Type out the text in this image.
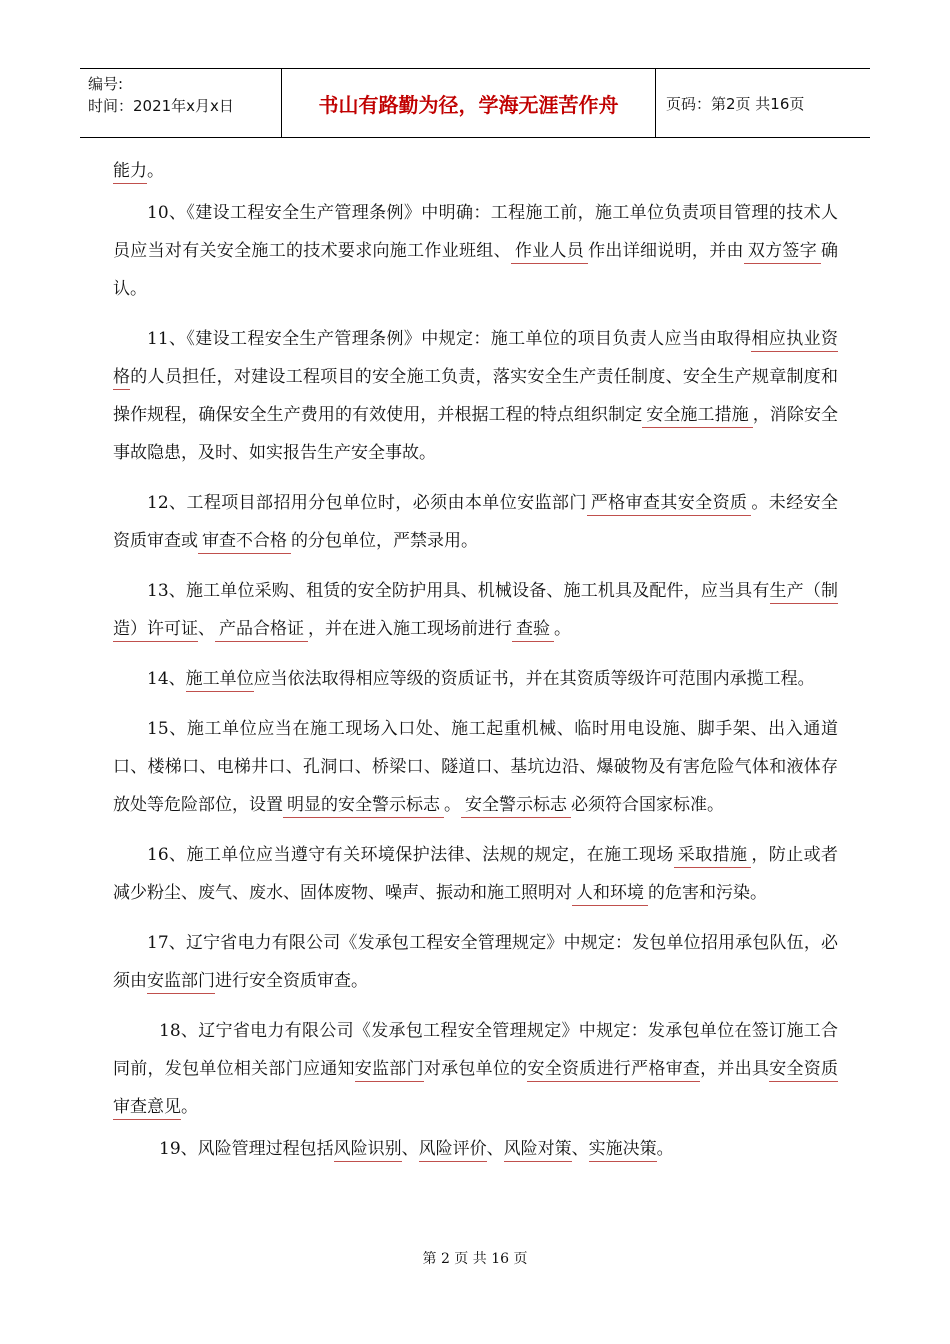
编号:
时间：2021年x月x日	书山有路勤为径，学海无涯苦作舟	页码：第2页 共16页

能力。

10、《建设工程安全生产管理条例》中明确：工程施工前，施工单位负责项目管理的技术人员应当对有关安全施工的技术要求向施工作业班组、 作业人员 作出详细说明，并由 双方签字 确认。

11、《建设工程安全生产管理条例》中规定：施工单位的项目负责人应当由取得相应执业资格的人员担任，对建设工程项目的安全施工负责，落实安全生产责任制度、安全生产规章制度和操作规程，确保安全生产费用的有效使用，并根据工程的特点组织制定 安全施工措施 ，消除安全事故隐患，及时、如实报告生产安全事故。

12、工程项目部招用分包单位时，必须由本单位安监部门 严格审查其安全资质 。未经安全资质审查或 审查不合格 的分包单位，严禁录用。

13、施工单位采购、租赁的安全防护用具、机械设备、施工机具及配件，应当具有生产（制造）许可证、 产品合格证 ，并在进入施工现场前进行 查验 。

14、施工单位应当依法取得相应等级的资质证书，并在其资质等级许可范围内承揽工程。

15、施工单位应当在施工现场入口处、施工起重机械、临时用电设施、脚手架、出入通道口、楼梯口、电梯井口、孔洞口、桥梁口、隧道口、基坑边沿、爆破物及有害危险气体和液体存放处等危险部位，设置 明显的安全警示标志 。 安全警示标志 必须符合国家标准。

16、施工单位应当遵守有关环境保护法律、法规的规定，在施工现场 采取措施 ，防止或者减少粉尘、废气、废水、固体废物、噪声、振动和施工照明对 人和环境 的危害和污染。

17、辽宁省电力有限公司《发承包工程安全管理规定》中规定：发包单位招用承包队伍，必须由安监部门进行安全资质审查。

18、辽宁省电力有限公司《发承包工程安全管理规定》中规定：发承包单位在签订施工合同前，发包单位相关部门应通知安监部门对承包单位的安全资质进行严格审查，并出具安全资质审查意见。

19、风险管理过程包括风险识别、风险评价、风险对策、实施决策。

第 2 页 共 16 页
